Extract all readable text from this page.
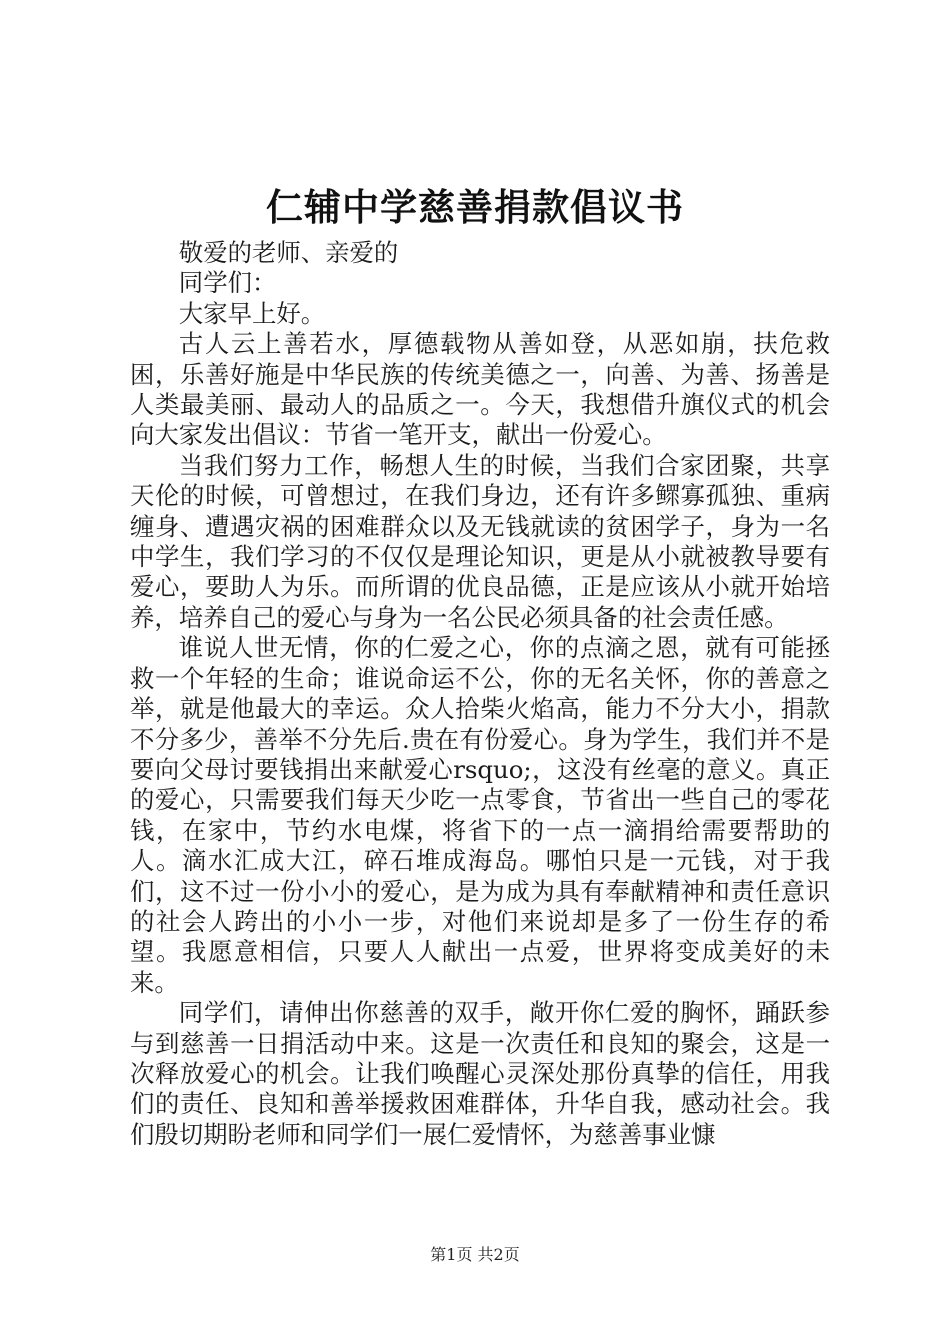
仁辅中学慈善捐款倡议书

敬爱的老师、亲爱的

同学们：

大家早上好。

古人云上善若水，厚德载物从善如登，从恶如崩，扶危救困，乐善好施是中华民族的传统美德之一，向善、为善、扬善是人类最美丽、最动人的品质之一。今天，我想借升旗仪式的机会向大家发出倡议：节省一笔开支，献出一份爱心。

当我们努力工作，畅想人生的时候，当我们合家团聚，共享天伦的时候，可曾想过，在我们身边，还有许多鳏寡孤独、重病缠身、遭遇灾祸的困难群众以及无钱就读的贫困学子，身为一名中学生，我们学习的不仅仅是理论知识，更是从小就被教导要有爱心，要助人为乐。而所谓的优良品德，正是应该从小就开始培养，培养自己的爱心与身为一名公民必须具备的社会责任感。

谁说人世无情，你的仁爱之心，你的点滴之恩，就有可能拯救一个年轻的生命；谁说命运不公，你的无名关怀，你的善意之举，就是他最大的幸运。众人拾柴火焰高，能力不分大小，捐款不分多少，善举不分先后.贵在有份爱心。身为学生，我们并不是要向父母讨要钱捐出来献爱心rsquo;，这没有丝毫的意义。真正的爱心，只需要我们每天少吃一点零食，节省出一些自己的零花钱，在家中，节约水电煤，将省下的一点一滴捐给需要帮助的人。滴水汇成大江，碎石堆成海岛。哪怕只是一元钱，对于我们，这不过一份小小的爱心，是为成为具有奉献精神和责任意识的社会人跨出的小小一步，对他们来说却是多了一份生存的希望。我愿意相信，只要人人献出一点爱，世界将变成美好的未来。

同学们，请伸出你慈善的双手，敞开你仁爱的胸怀，踊跃参与到慈善一日捐活动中来。这是一次责任和良知的聚会，这是一次释放爱心的机会。让我们唤醒心灵深处那份真挚的信任，用我们的责任、良知和善举援救困难群体，升华自我，感动社会。我们殷切期盼老师和同学们一展仁爱情怀，为慈善事业慷

第1页 共2页
